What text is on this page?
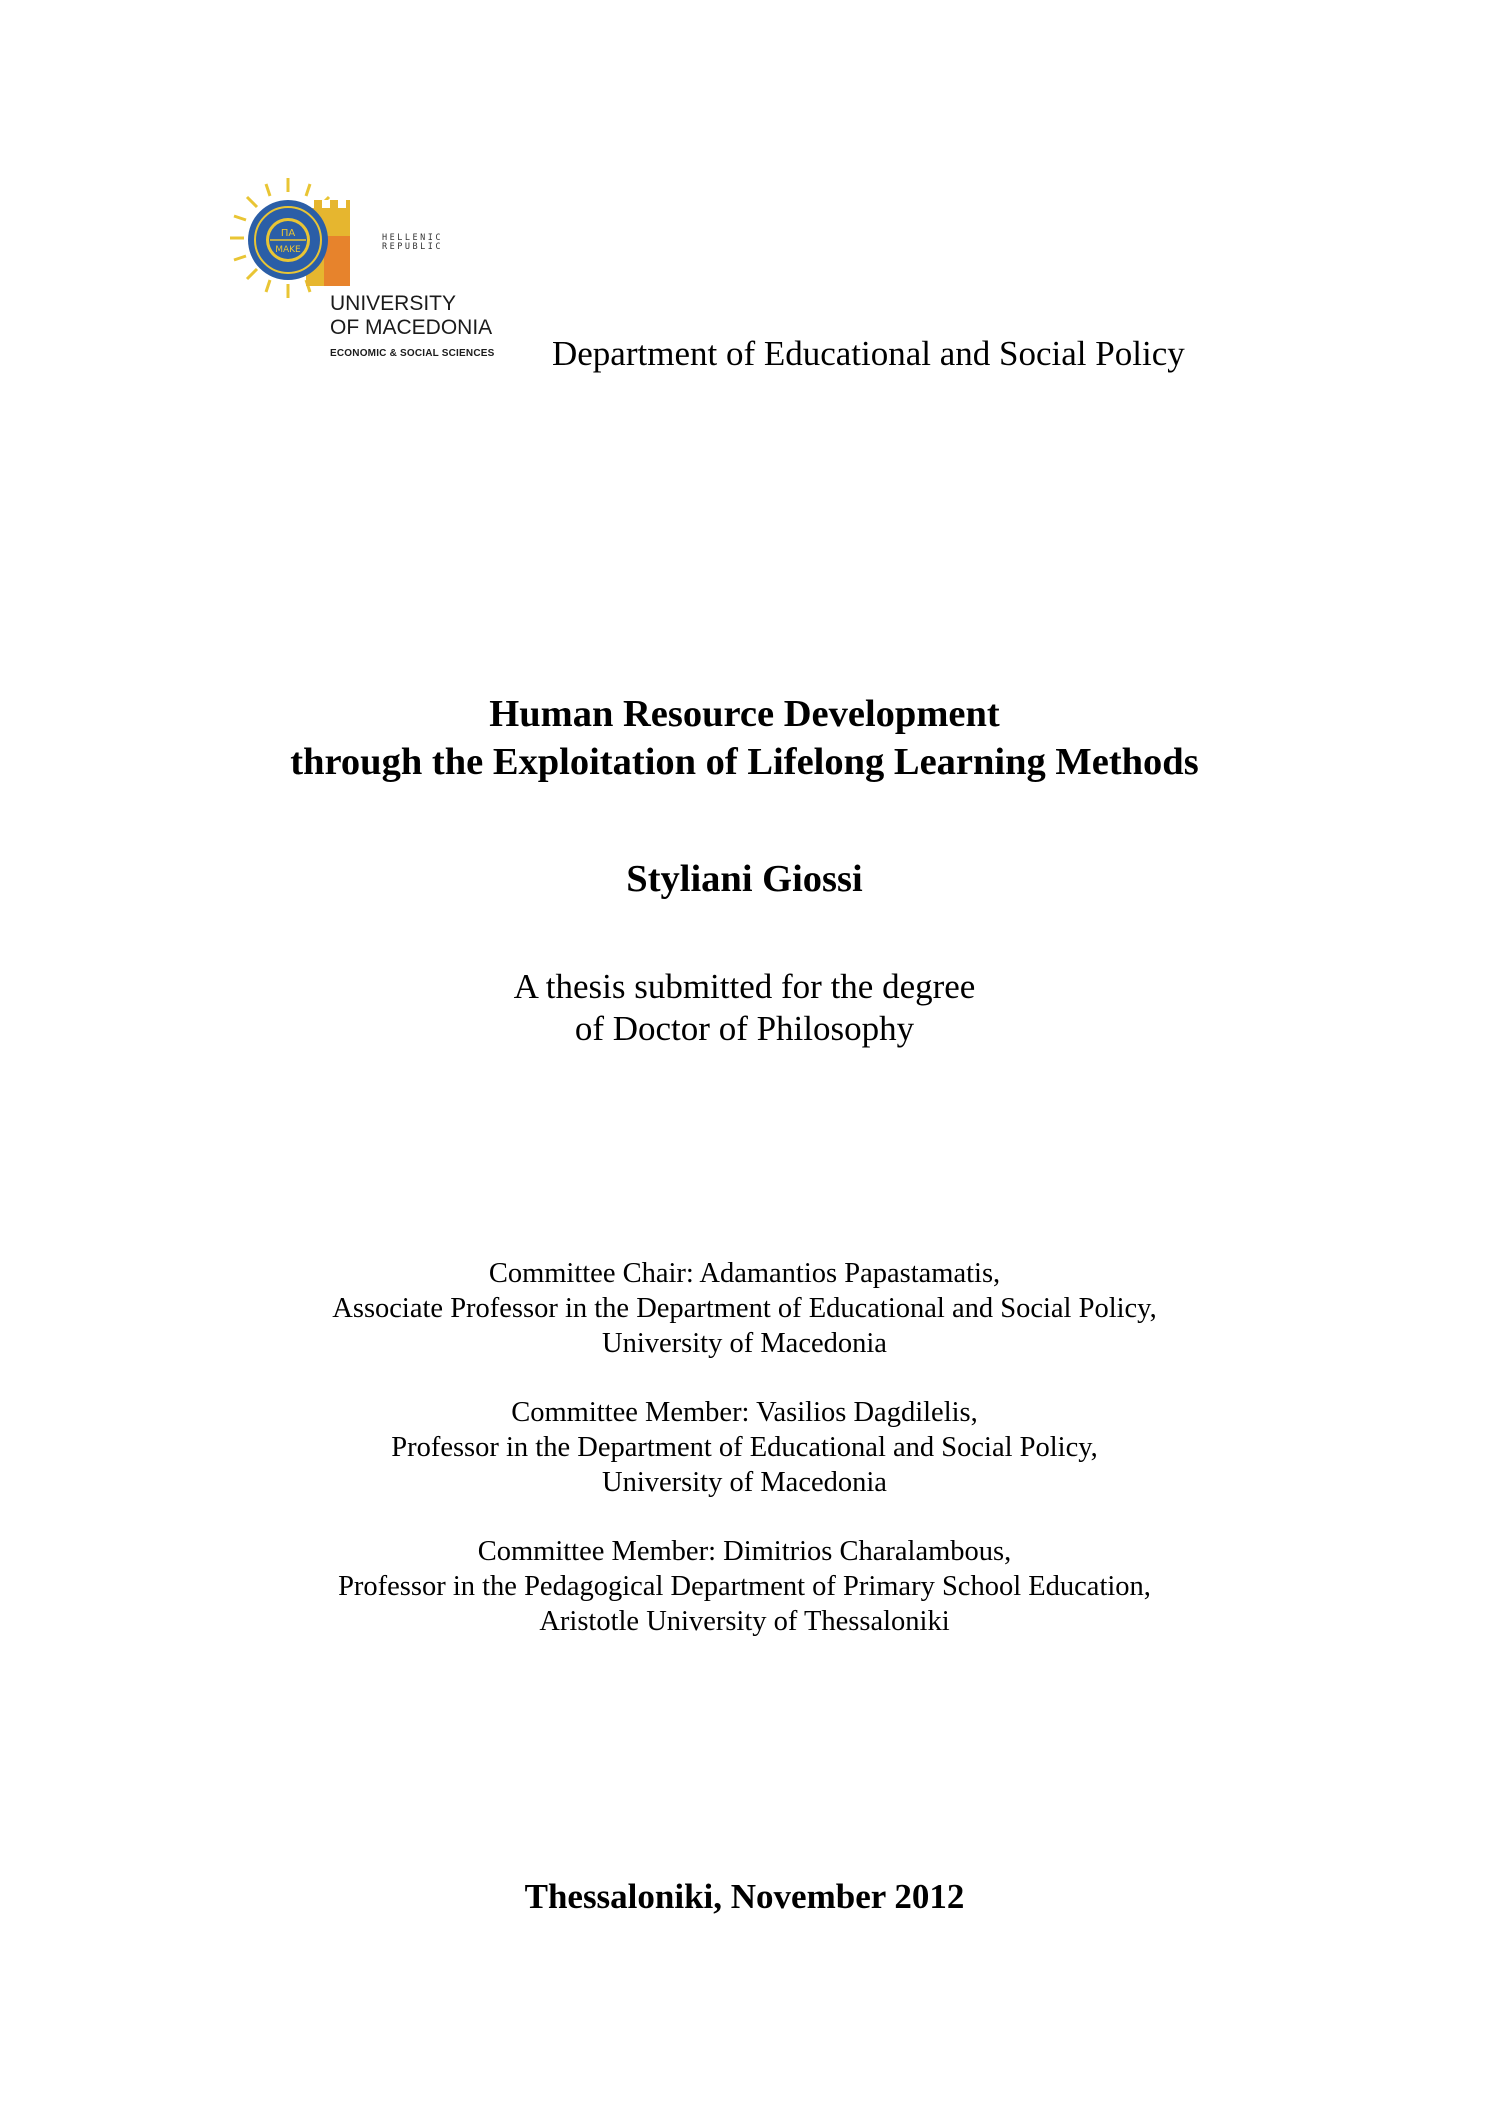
ΠΑ
ΜΑΚΕ
HELLENIC
REPUBLIC
UNIVERSITY
OF MACEDONIA
ECONOMIC & SOCIAL SCIENCES Department of Educational and Social Policy
Human Resource Development
through the Exploitation of Lifelong Learning Methods
Styliani Giossi
A thesis submitted for the degree
of Doctor of Philosophy
Committee Chair: Adamantios Papastamatis,
Associate Professor in the Department of Educational and Social Policy,
University of Macedonia
Committee Member: Vasilios Dagdilelis,
Professor in the Department of Educational and Social Policy,
University of Macedonia
Committee Member: Dimitrios Charalambous,
Professor in the Pedagogical Department of Primary School Education,
Aristotle University of Thessaloniki
Thessaloniki, November 2012
